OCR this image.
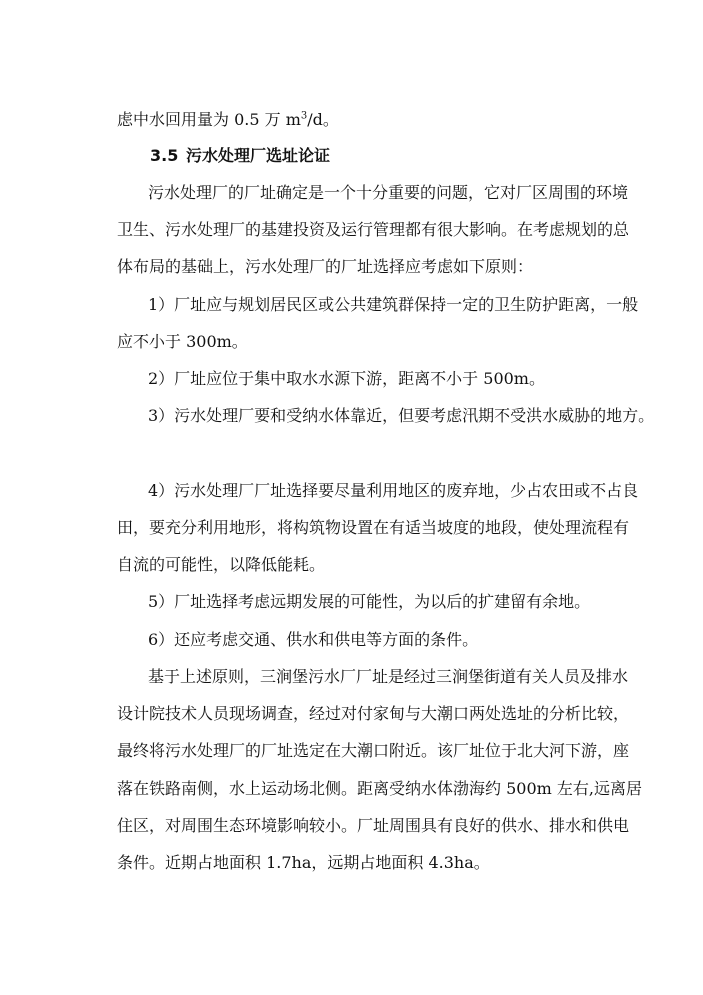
虑中水回用量为 0.5 万 $m^3/d$。
3.5 污水处理厂选址论证
污水处理厂的厂址确定是一个十分重要的问题，它对厂区周围的环境
卫生、污水处理厂的基建投资及运行管理都有很大影响。在考虑规划的总
体布局的基础上，污水处理厂的厂址选择应考虑如下原则：
1）厂址应与规划居民区或公共建筑群保持一定的卫生防护距离，一般
应不小于 300m。
2）厂址应位于集中取水水源下游，距离不小于 500m。
3）污水处理厂要和受纳水体靠近，但要考虑汛期不受洪水威胁的地方。
4）污水处理厂厂址选择要尽量利用地区的废弃地，少占农田或不占良
田，要充分利用地形，将构筑物设置在有适当坡度的地段，使处理流程有
自流的可能性，以降低能耗。
5）厂址选择考虑远期发展的可能性，为以后的扩建留有余地。
6）还应考虑交通、供水和供电等方面的条件。
基于上述原则，三涧堡污水厂厂址是经过三涧堡街道有关人员及排水
设计院技术人员现场调查，经过对付家甸与大潮口两处选址的分析比较，
最终将污水处理厂的厂址选定在大潮口附近。该厂址位于北大河下游，座
落在铁路南侧，水上运动场北侧。距离受纳水体渤海约 500m 左右,远离居
住区，对周围生态环境影响较小。厂址周围具有良好的供水、排水和供电
条件。近期占地面积 1.7ha，远期占地面积 4.3ha。
